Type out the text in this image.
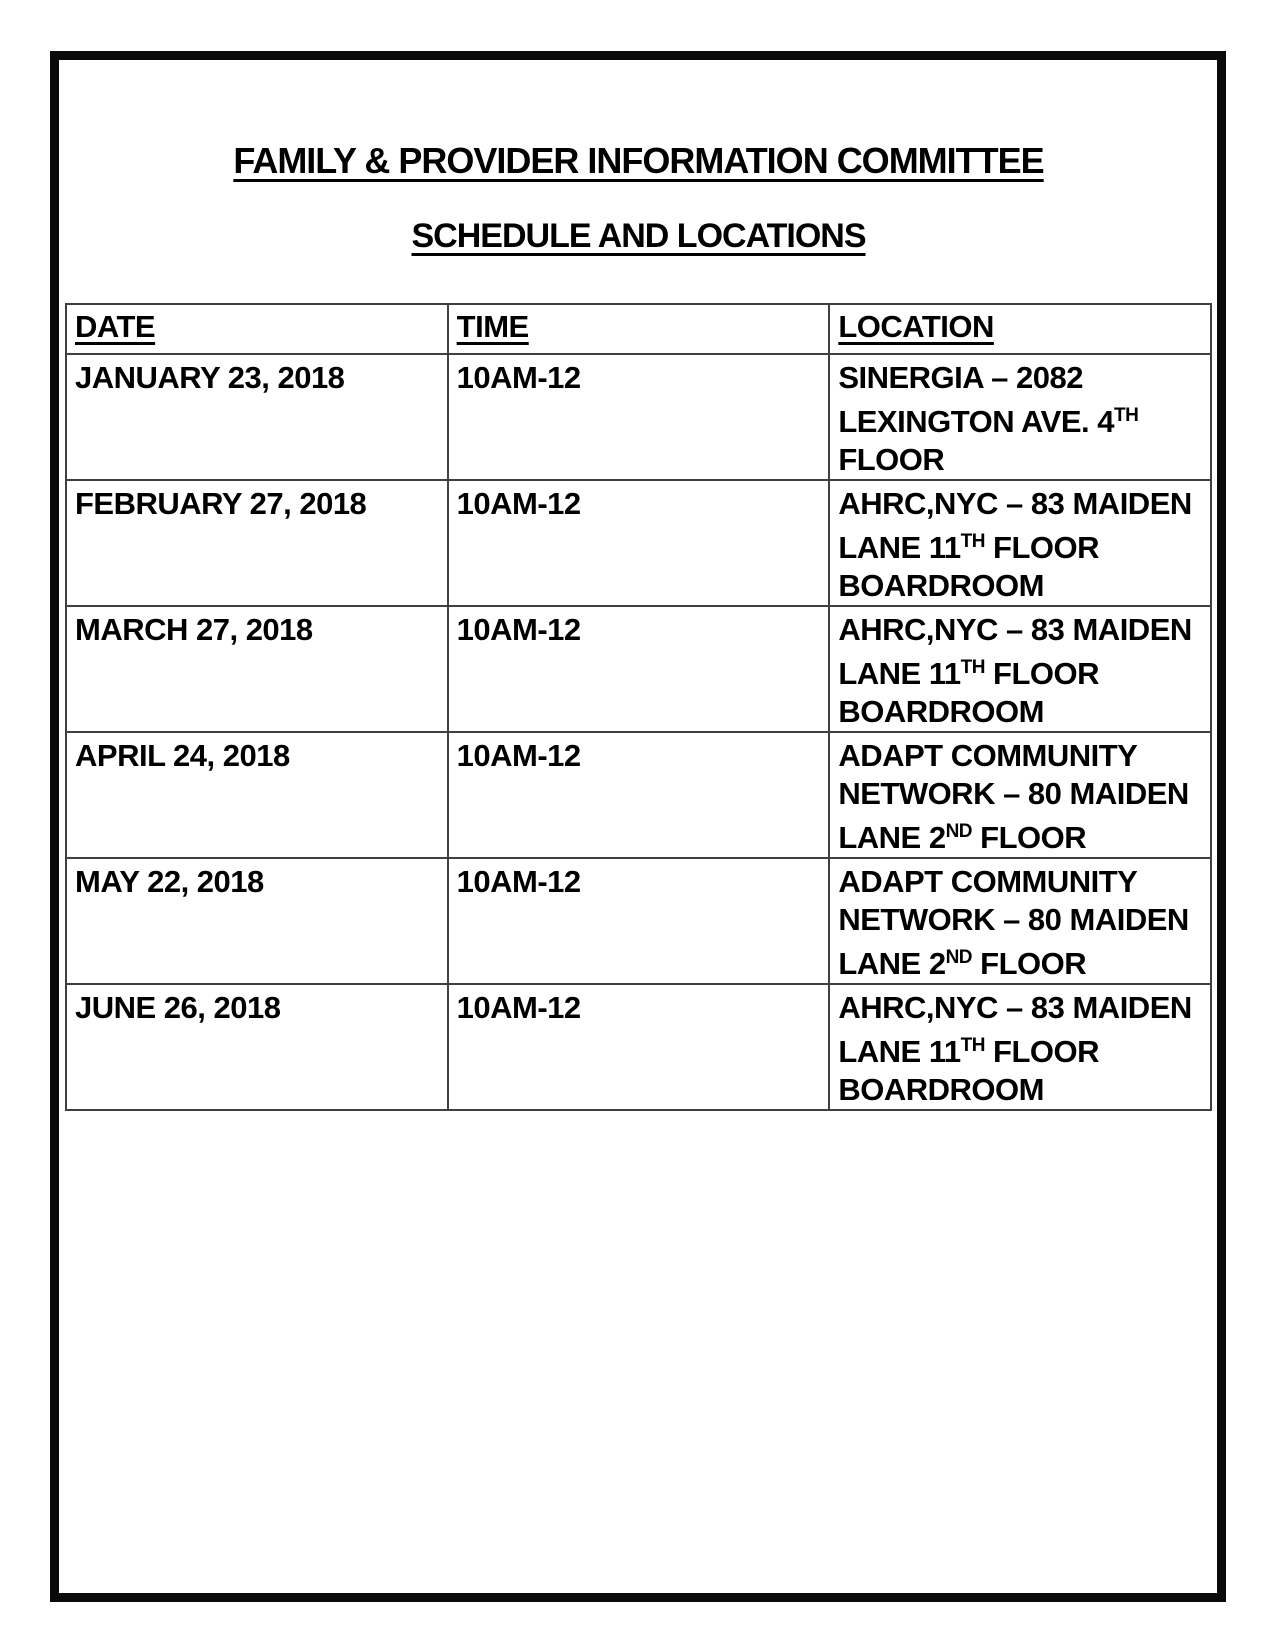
FAMILY & PROVIDER INFORMATION COMMITTEE
SCHEDULE AND LOCATIONS
DATE	TIME	LOCATION

JANUARY 23, 2018	10AM-12	SINERGIA – 2082
LEXINGTON AVE. 4TH
FLOOR

FEBRUARY 27, 2018	10AM-12	AHRC,NYC – 83 MAIDEN
LANE 11TH FLOOR
BOARDROOM

MARCH 27, 2018	10AM-12	AHRC,NYC – 83 MAIDEN
LANE 11TH FLOOR
BOARDROOM

APRIL 24, 2018	10AM-12	ADAPT COMMUNITY
NETWORK – 80 MAIDEN
LANE 2ND FLOOR

MAY 22, 2018	10AM-12	ADAPT COMMUNITY
NETWORK – 80 MAIDEN
LANE 2ND FLOOR

JUNE 26, 2018	10AM-12	AHRC,NYC – 83 MAIDEN
LANE 11TH FLOOR
BOARDROOM
